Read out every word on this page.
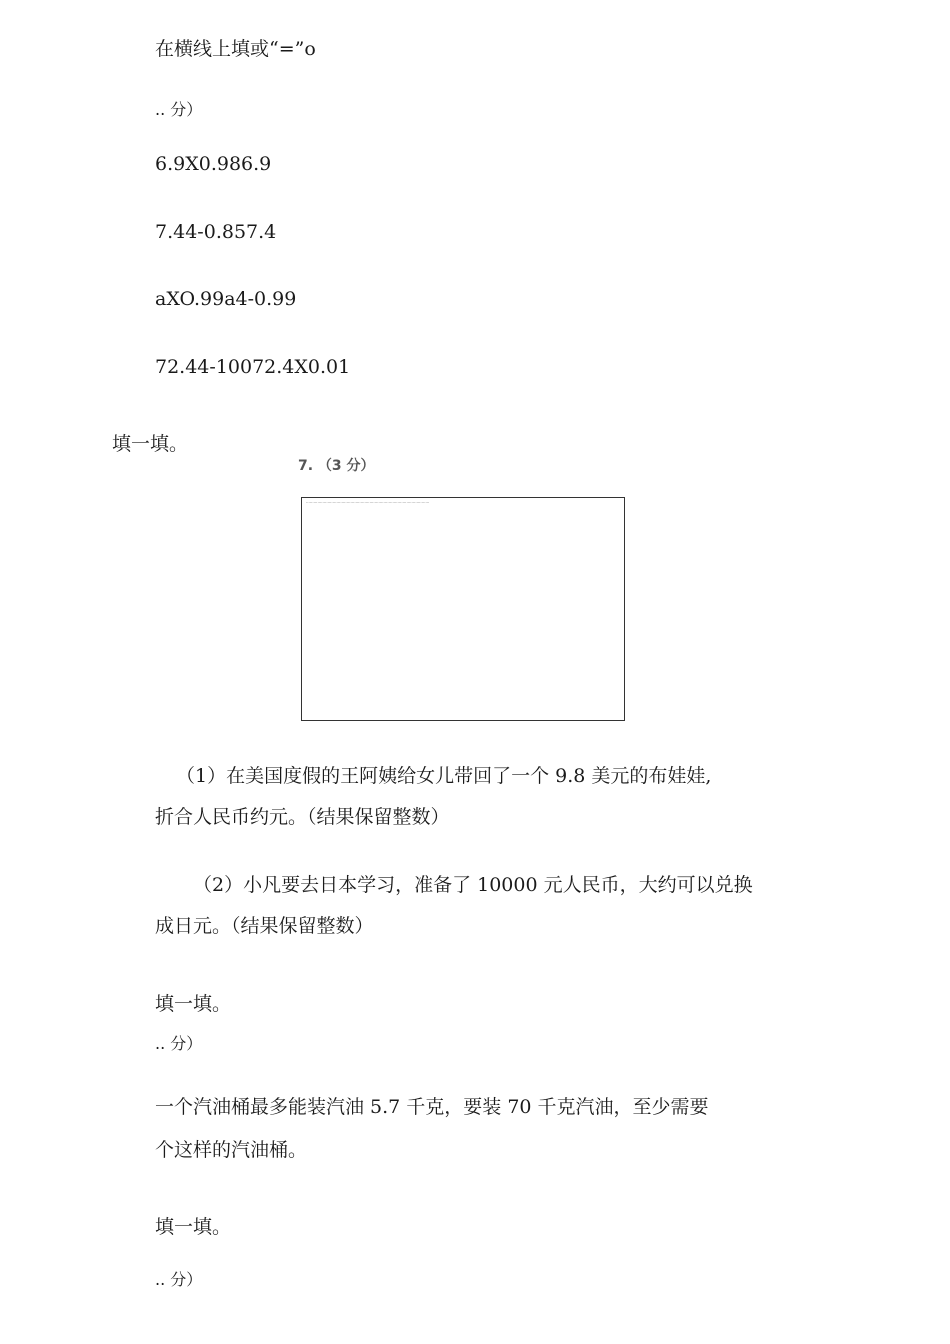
在横线上填或“=”o
.. 分）
6.9X0.986.9
7.44-0.857.4
aXO.99a4-0.99
72.44-10072.4X0.01
填一填。
7. （3 分）
·································································································
（1）在美国度假的王阿姨给女儿带回了一个 9.8 美元的布娃娃,
折合人民币约元。（结果保留整数）
（2）小凡要去日本学习，准备了 10000 元人民币，大约可以兑换
成日元。（结果保留整数）
填一填。
.. 分）
一个汽油桶最多能装汽油 5.7 千克，要装 70 千克汽油，至少需要
个这样的汽油桶。
填一填。
.. 分）
